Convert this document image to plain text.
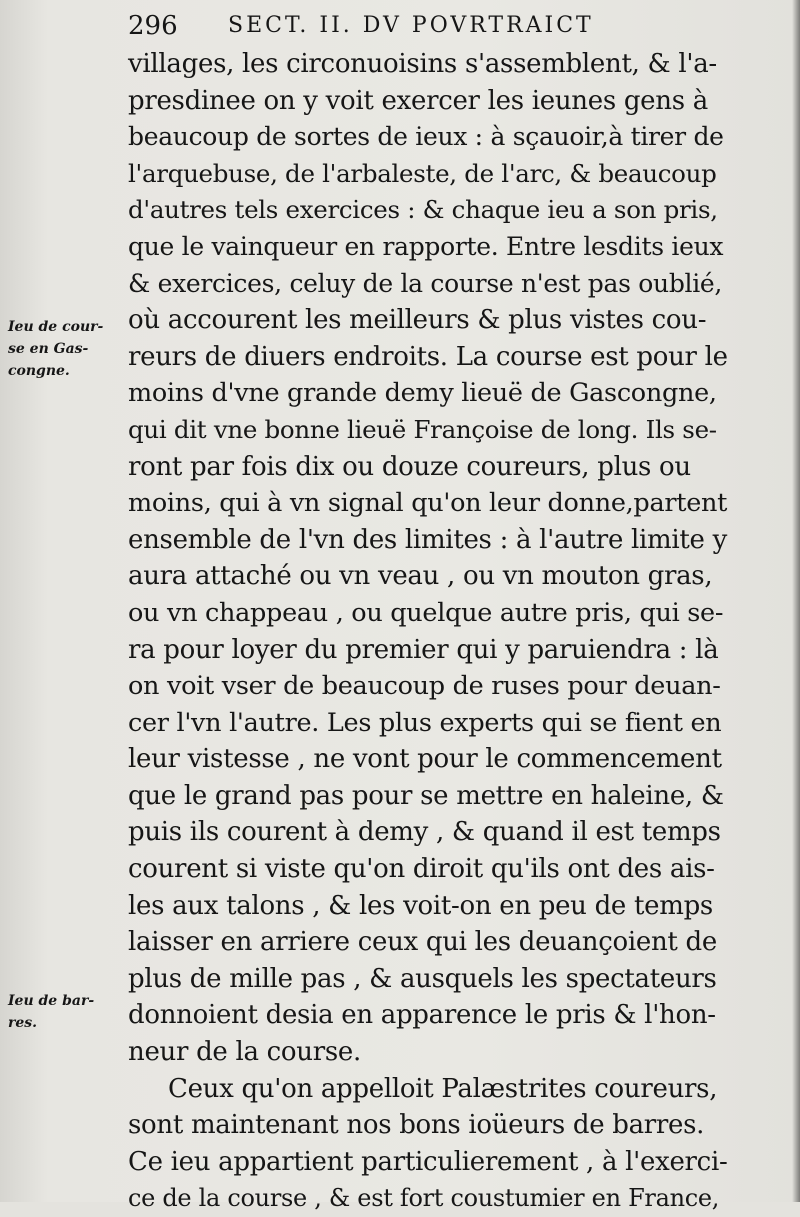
296 SECT. II. DV POVRTRAICT
villages, les circonuoisins s'assemblent, & l'a-
presdinee on y voit exercer les ieunes gens à
beaucoup de sortes de ieux : à sçauoir,à tirer de
l'arquebuse, de l'arbaleste, de l'arc, & beaucoup
d'autres tels exercices : & chaque ieu a son pris,
que le vainqueur en rapporte. Entre lesdits ieux
& exercices, celuy de la course n'est pas oublié,
où accourent les meilleurs & plus vistes cou-
reurs de diuers endroits. La course est pour le
moins d'vne grande demy lieuë de Gascongne,
qui dit vne bonne lieuë Françoise de long. Ils se-
ront par fois dix ou douze coureurs, plus ou
moins, qui à vn signal qu'on leur donne,partent
ensemble de l'vn des limites : à l'autre limite y
aura attaché ou vn veau , ou vn mouton gras,
ou vn chappeau , ou quelque autre pris, qui se-
ra pour loyer du premier qui y paruiendra : là
on voit vser de beaucoup de ruses pour deuan-
cer l'vn l'autre. Les plus experts qui se fient en
leur vistesse , ne vont pour le commencement
que le grand pas pour se mettre en haleine, &
puis ils courent à demy , & quand il est temps
courent si viste qu'on diroit qu'ils ont des ais-
les aux talons , & les voit-on en peu de temps
laisser en arriere ceux qui les deuançoient de
plus de mille pas , & ausquels les spectateurs
donnoient desia en apparence le pris & l'hon-
neur de la course.
Ceux qu'on appelloit Palæstrites coureurs,
sont maintenant nos bons ioüeurs de barres.
Ce ieu appartient particulierement , à l'exerci-
ce de la course , & est fort coustumier en France,
Ieu de cour-
se en Gas-
congne.
Ieu de bar-
res.
